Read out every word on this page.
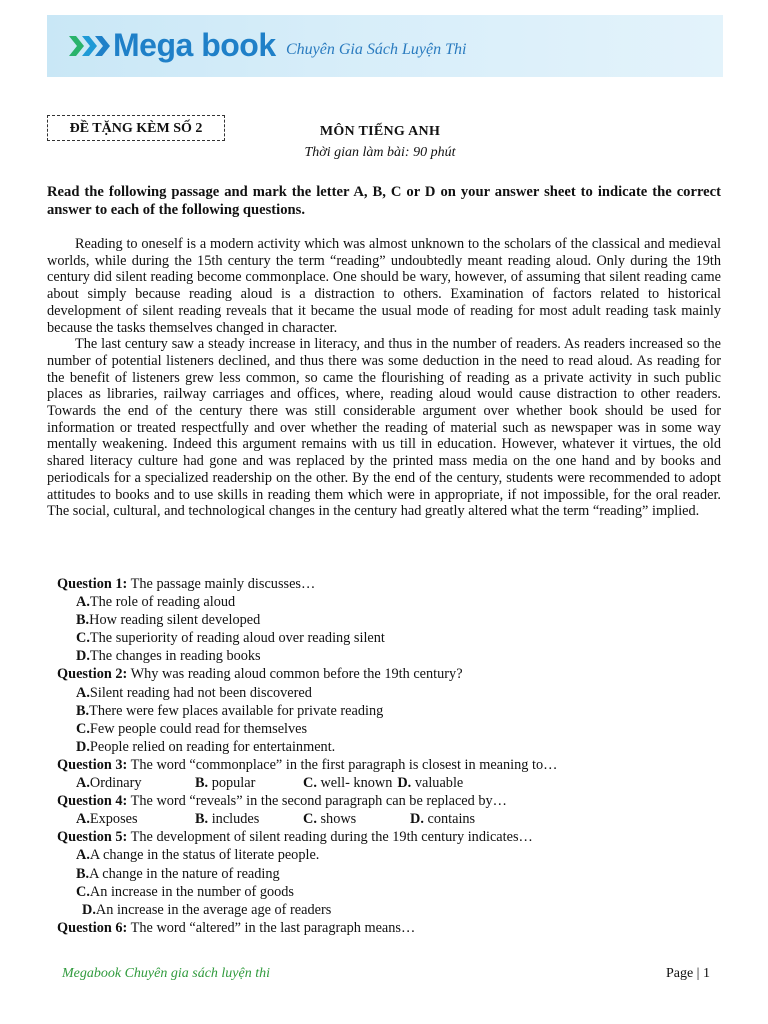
Mega book Chuyên Gia Sách Luyện Thi
ĐỀ TẶNG KÈM SỐ 2	MÔN TIẾNG ANH
Thời gian làm bài: 90 phút
Read the following passage and mark the letter A, B, C or D on your answer sheet to indicate the correct answer to each of the following questions.

Reading to oneself is a modern activity which was almost unknown to the scholars of the classical and medieval worlds, while during the 15th century the term “reading” undoubtedly meant reading aloud. Only during the 19th century did silent reading become commonplace. One should be wary, however, of assuming that silent reading came about simply because reading aloud is a distraction to others. Examination of factors related to historical development of silent reading reveals that it became the usual mode of reading for most adult reading task mainly because the tasks themselves changed in character.

The last century saw a steady increase in literacy, and thus in the number of readers. As readers increased so the number of potential listeners declined, and thus there was some deduction in the need to read aloud. As reading for the benefit of listeners grew less common, so came the flourishing of reading as a private activity in such public places as libraries, railway carriages and offices, where, reading aloud would cause distraction to other readers. Towards the end of the century there was still considerable argument over whether book should be used for information or treated respectfully and over whether the reading of material such as newspaper was in some way mentally weakening. Indeed this argument remains with us till in education. However, whatever it virtues, the old shared literacy culture had gone and was replaced by the printed mass media on the one hand and by books and periodicals for a specialized readership on the other. By the end of the century, students were recommended to adopt attitudes to books and to use skills in reading them which were in appropriate, if not impossible, for the oral reader. The social, cultural, and technological changes in the century had greatly altered what the term “reading” implied.

Question 1: The passage mainly discusses…
A.The role of reading aloud
B.How reading silent developed
C.The superiority of reading aloud over reading silent
D.The changes in reading books
Question 2: Why was reading aloud common before the 19th century?
A.Silent reading had not been discovered
B.There were few places available for private reading
C.Few people could read for themselves
D.People relied on reading for entertainment.
Question 3: The word “commonplace” in the first paragraph is closest in meaning to…
A.Ordinary	B. popular	C. well- known D. valuable
Question 4: The word “reveals” in the second paragraph can be replaced by…
A.Exposes	B. includes	C. shows	D. contains
Question 5: The development of silent reading during the 19th century indicates…
A.A change in the status of literate people.
B.A change in the nature of reading
C.An increase in the number of goods
D.An increase in the average age of readers
Question 6: The word “altered” in the last paragraph means…
Megabook Chuyên gia sách luyện thi	Page | 1
